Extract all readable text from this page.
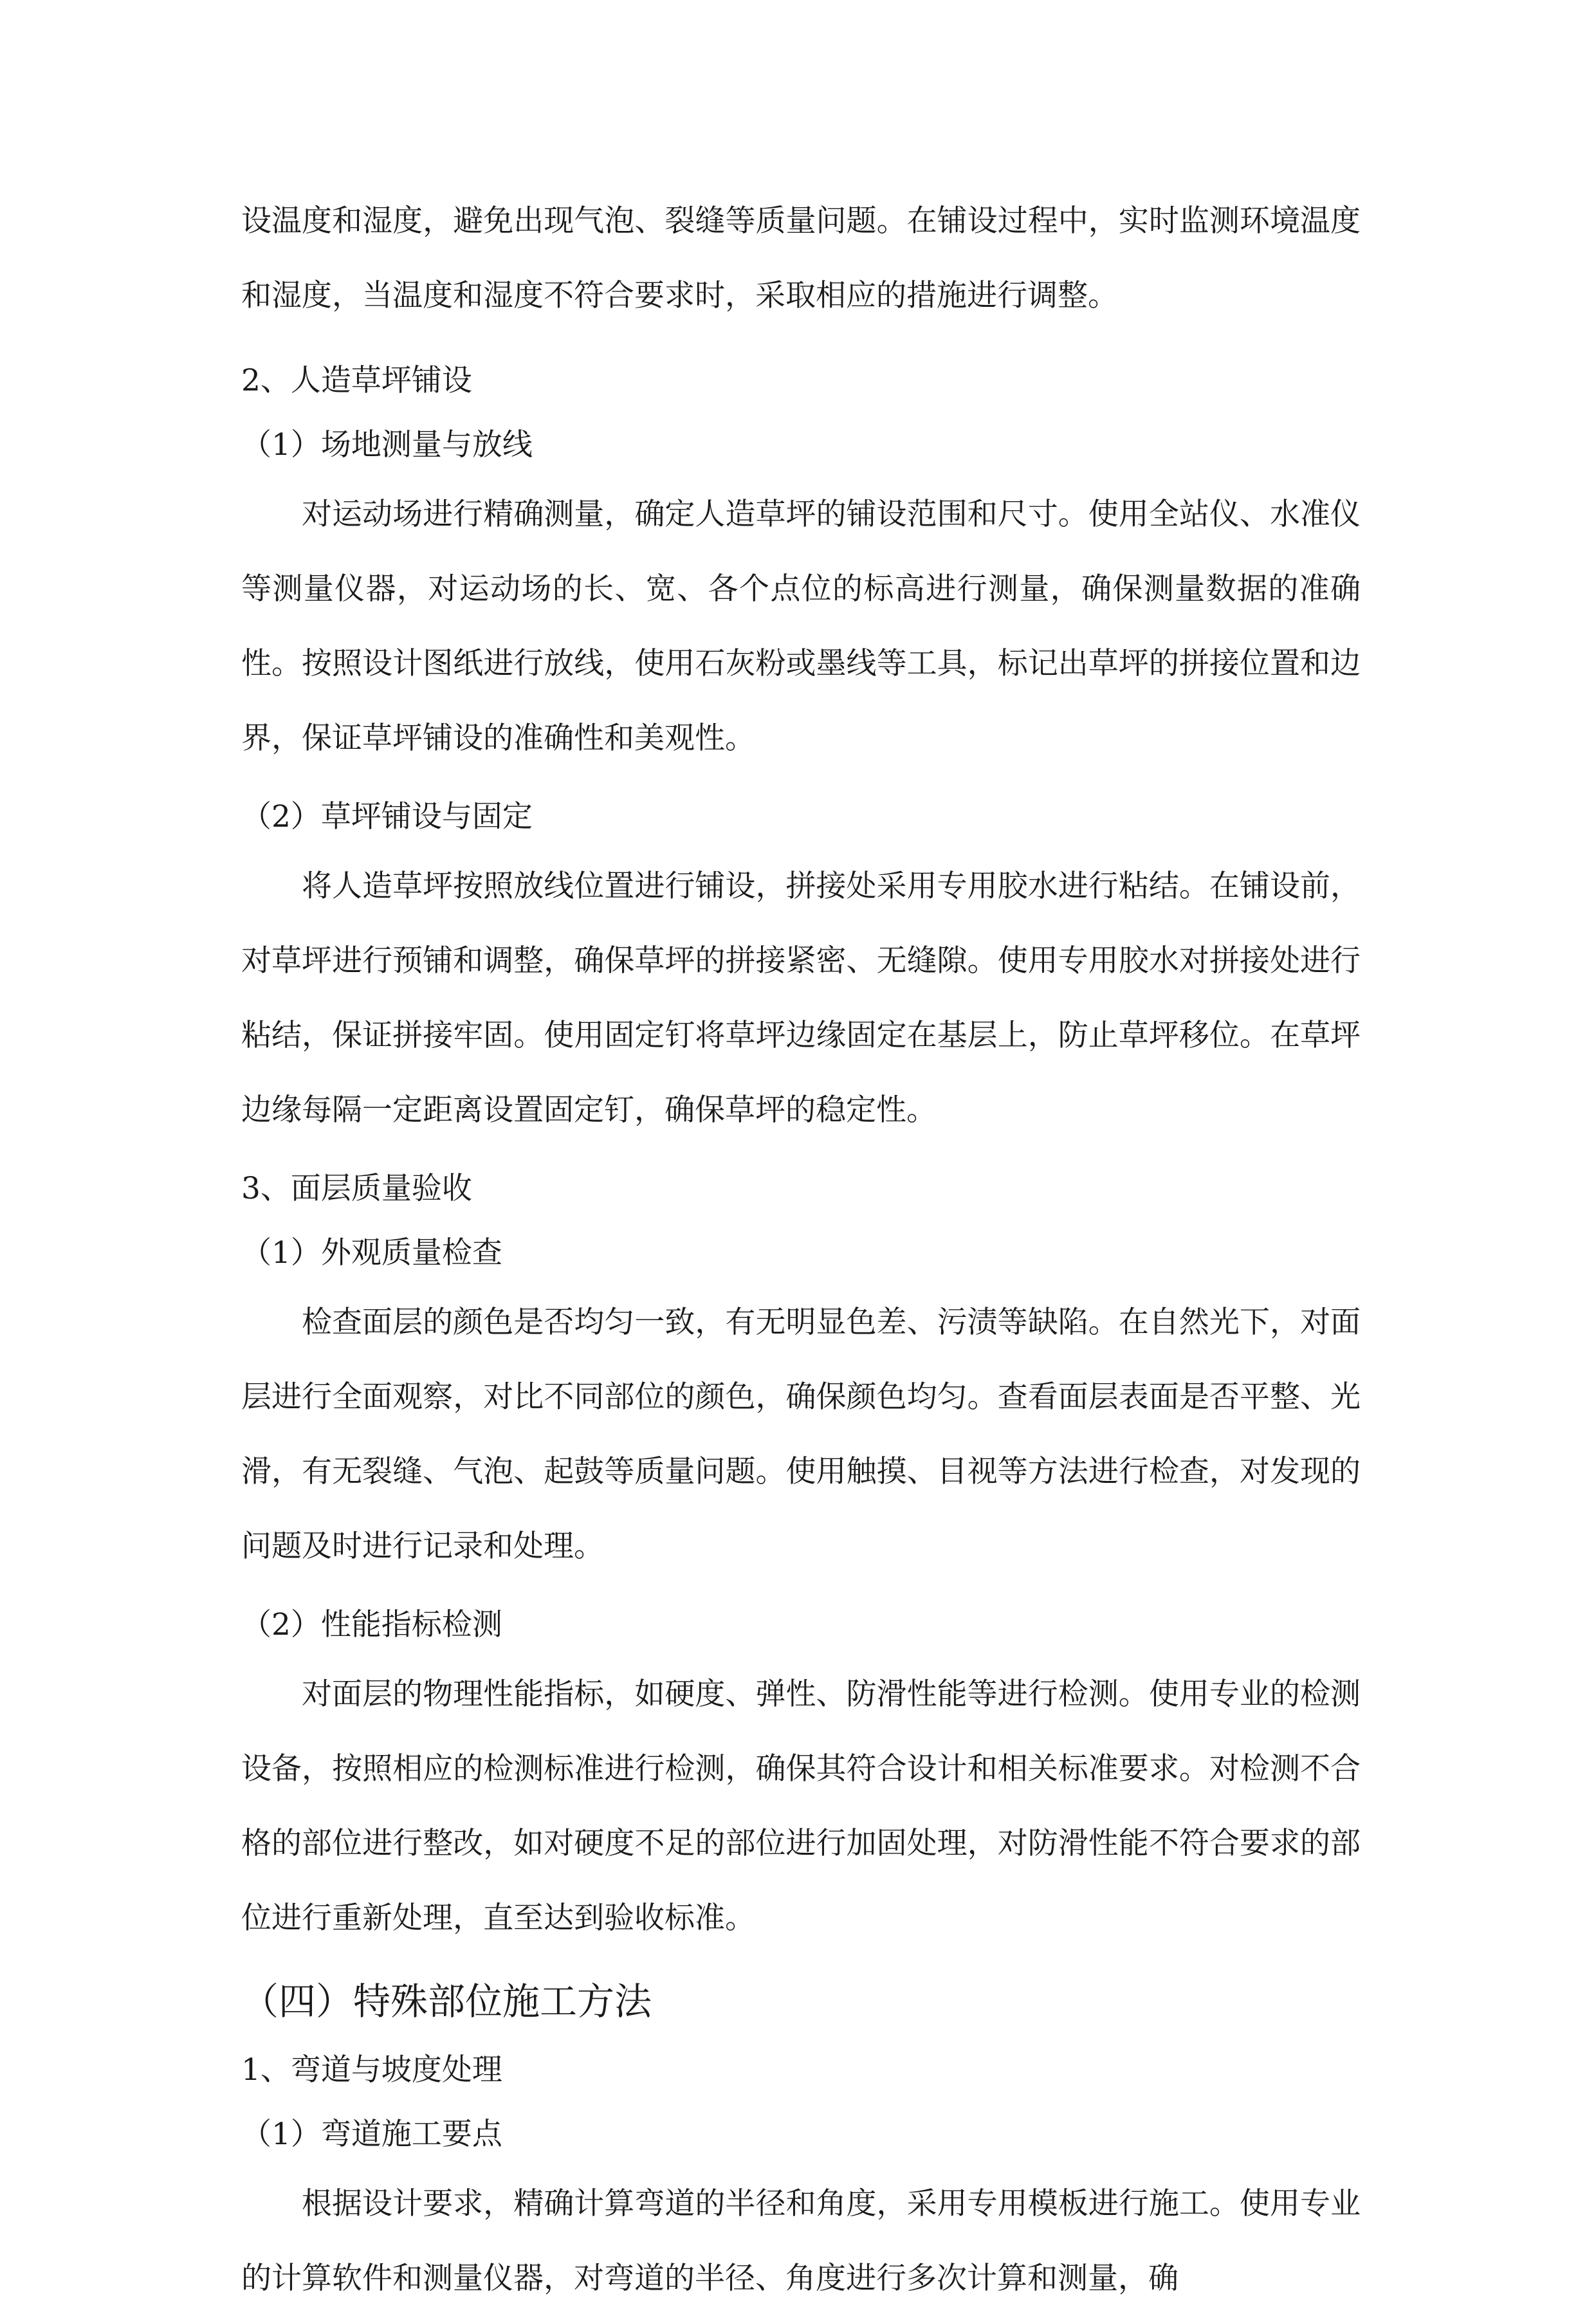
设温度和湿度，避免出现气泡、裂缝等质量问题。在铺设过程中，实时监测环境温度和湿度，当温度和湿度不符合要求时，采取相应的措施进行调整。

2、人造草坪铺设

（1）场地测量与放线

对运动场进行精确测量，确定人造草坪的铺设范围和尺寸。使用全站仪、水准仪等测量仪器，对运动场的长、宽、各个点位的标高进行测量，确保测量数据的准确性。按照设计图纸进行放线，使用石灰粉或墨线等工具，标记出草坪的拼接位置和边界，保证草坪铺设的准确性和美观性。

（2）草坪铺设与固定

将人造草坪按照放线位置进行铺设，拼接处采用专用胶水进行粘结。在铺设前，对草坪进行预铺和调整，确保草坪的拼接紧密、无缝隙。使用专用胶水对拼接处进行粘结，保证拼接牢固。使用固定钉将草坪边缘固定在基层上，防止草坪移位。在草坪边缘每隔一定距离设置固定钉，确保草坪的稳定性。

3、面层质量验收

（1）外观质量检查

检查面层的颜色是否均匀一致，有无明显色差、污渍等缺陷。在自然光下，对面层进行全面观察，对比不同部位的颜色，确保颜色均匀。查看面层表面是否平整、光滑，有无裂缝、气泡、起鼓等质量问题。使用触摸、目视等方法进行检查，对发现的问题及时进行记录和处理。

（2）性能指标检测

对面层的物理性能指标，如硬度、弹性、防滑性能等进行检测。使用专业的检测设备，按照相应的检测标准进行检测，确保其符合设计和相关标准要求。对检测不合格的部位进行整改，如对硬度不足的部位进行加固处理，对防滑性能不符合要求的部位进行重新处理，直至达到验收标准。

（四）特殊部位施工方法

1、弯道与坡度处理

（1）弯道施工要点

根据设计要求，精确计算弯道的半径和角度，采用专用模板进行施工。使用专业的计算软件和测量仪器，对弯道的半径、角度进行多次计算和测量，确
